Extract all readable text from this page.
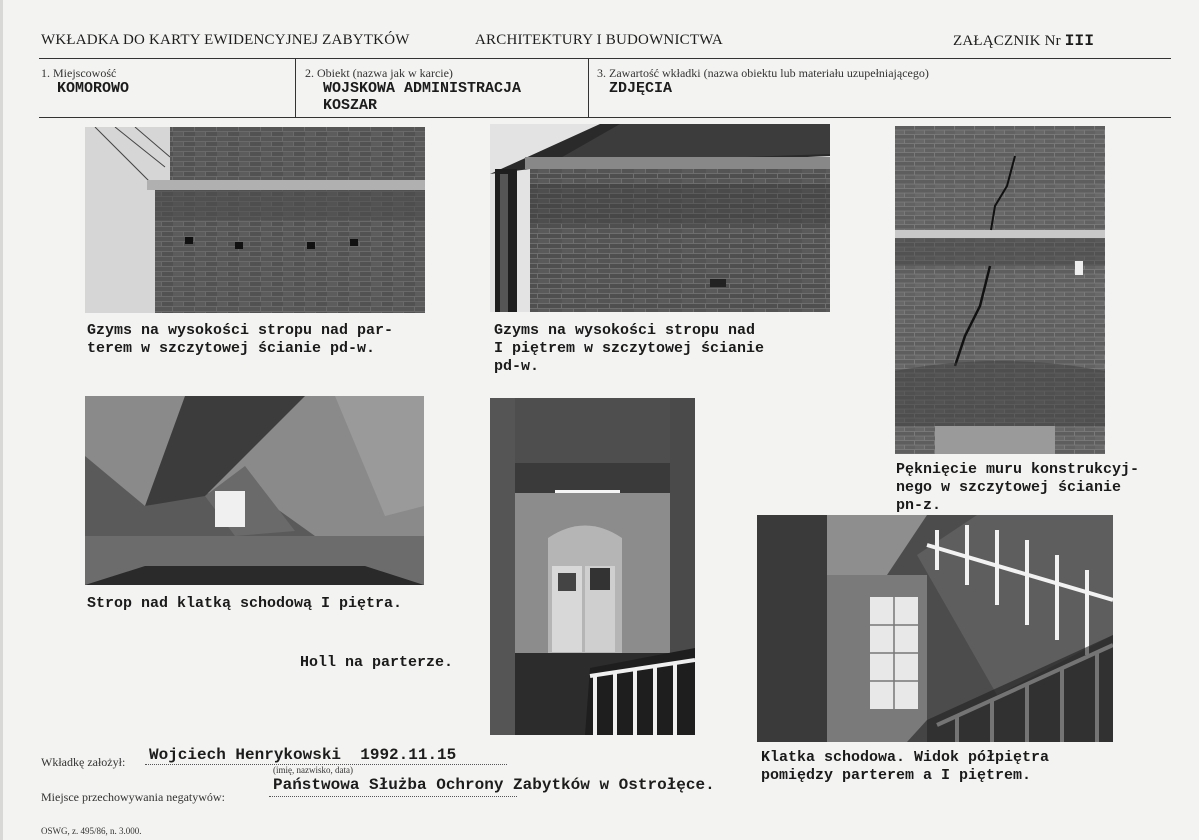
WKŁADKA DO KARTY EWIDENCYJNEJ ZABYTKÓW	ARCHITEKTURY I BUDOWNICTWA	ZAŁĄCZNIK Nr III
1. Miejscowość
KOMOROWO
2. Obiekt (nazwa jak w karcie)
WOJSKOWA ADMINISTRACJA
KOSZAR
3. Zawartość wkładki (nazwa obiektu lub materiału uzupełniającego)
ZDJĘCIA
Gzyms na wysokości stropu nad par-
terem w szczytowej ścianie pd-w.
Gzyms na wysokości stropu nad
I piętrem w szczytowej ścianie
pd-w.
Pęknięcie muru konstrukcyj-
nego w szczytowej ścianie
pn-z.
Strop nad klatką schodową I piętra.
Holl na parterze.
Klatka schodowa. Widok półpiętra
pomiędzy parterem a I piętrem.
Wkładkę założył: Wojciech Henrykowski  1992.11.15
(imię, nazwisko, data)
Miejsce przechowywania negatywów:
Państwowa Służba Ochrony Zabytków w Ostrołęce.
OSWG, z. 495/86, n. 3.000.
